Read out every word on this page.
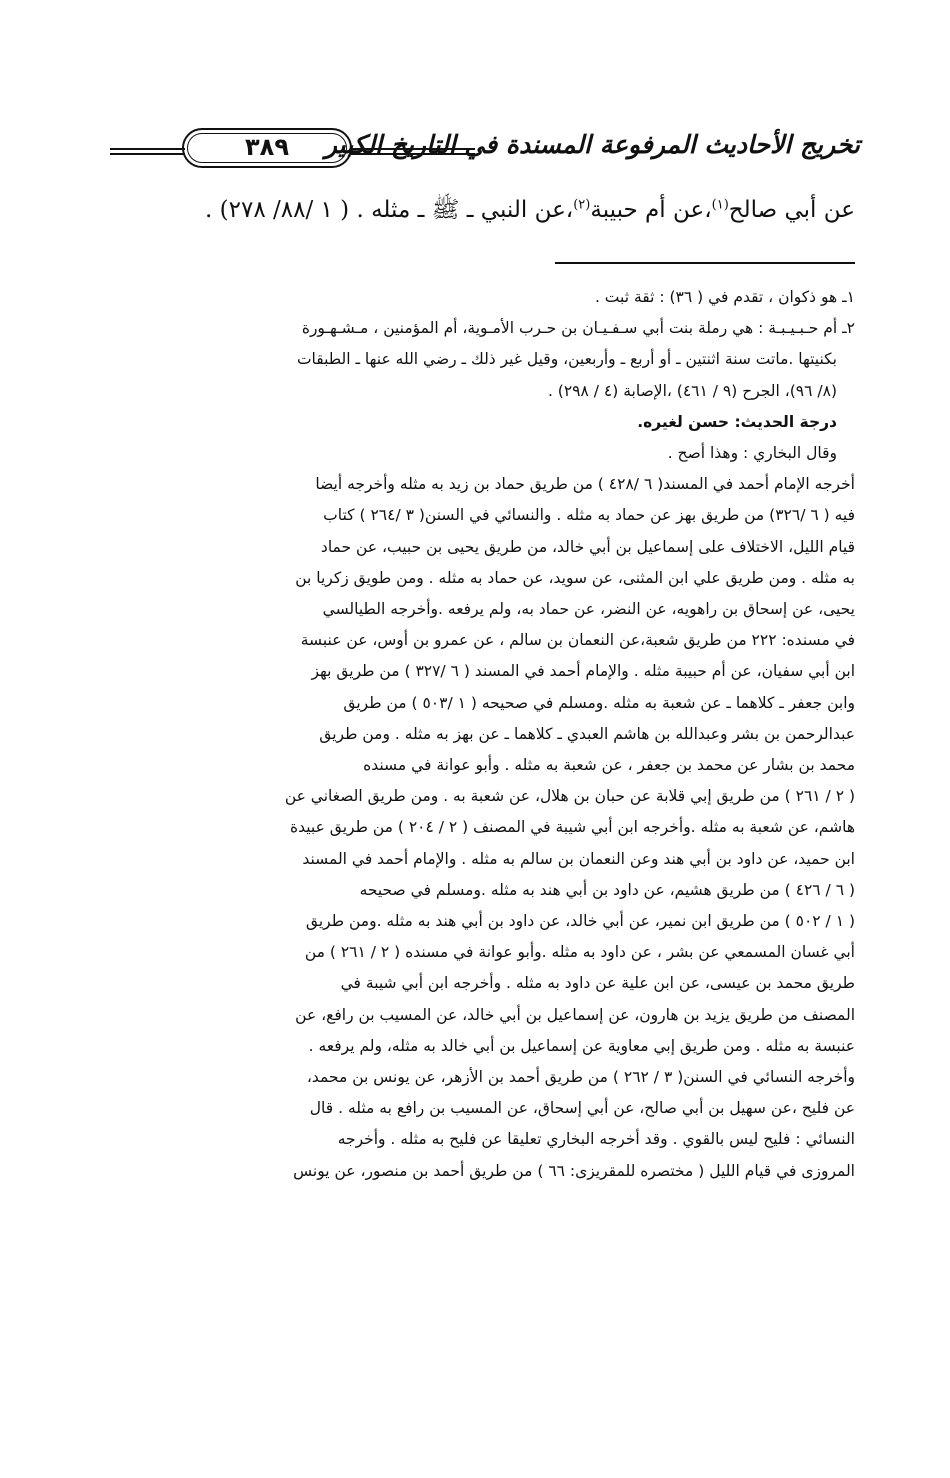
تخريج الأحاديث المرفوعة المسندة في التاريخ الكبير
٣٨٩
عن أبي صالح$^{(١)}$،عن أم حبيبة$^{(٢)}$،عن النبي ـ ﷺ ـ مثله . ( ١ /٨٨/ ٢٧٨) .
١ـ هو ذكوان ، تقدم في ( ٣٦) : ثقة ثبت .
٢ـ أم حـبـيـبـة : هي رملة بنت أبي سـفـيـان بن حـرب الأمـوية، أم المؤمنين ، مـشـهـورة
بكنيتها .ماتت سنة اثنتين ـ أو أربع ـ وأربعين، وقيل غير ذلك ـ رضي الله عنها ـ الطبقات
(٨/ ٩٦)، الجرح (٩ / ٤٦١) ،الإصابة (٤ / ٢٩٨) .
درجة الحديث: حسن لغيره.
وقال البخاري : وهذا أصح .
أخرجه الإمام أحمد في المسند( ٦ /٤٢٨ ) من طريق حماد بن زيد به مثله وأخرجه أيضا
فيه ( ٦ /٣٢٦) من طريق بهز عن حماد به مثله . والنسائي في السنن( ٣ /٢٦٤ ) كتاب
قيام الليل، الاختلاف على إسماعيل بن أبي خالد، من طريق يحيى بن حبيب، عن حماد
به مثله . ومن طريق علي ابن المثنى، عن سويد، عن حماد به مثله . ومن طويق زكريا بن
يحيى، عن إسحاق بن راهويه، عن النضر، عن حماد به، ولم يرفعه .وأخرجه الطيالسي
في مسنده: ٢٢٢ من طريق شعبة،عن النعمان بن سالم ، عن عمرو بن أوس، عن عنبسة
ابن أبي سفيان، عن أم حبيبة مثله . والإمام أحمد في المسند ( ٦ /٣٢٧ ) من طريق بهز
وابن جعفر ـ كلاهما ـ عن شعبة به مثله .ومسلم في صحيحه ( ١ /٥٠٣ ) من طريق
عبدالرحمن بن بشر وعبدالله بن هاشم العبدي ـ كلاهما ـ عن بهز به مثله . ومن طريق
محمد بن بشار عن محمد بن جعفر ، عن شعبة به مثله . وأبو عوانة في مسنده
( ٢ / ٢٦١ ) من طريق إبي قلابة عن حبان بن هلال، عن شعبة به . ومن طريق الصغاني عن
هاشم، عن شعبة به مثله .وأخرجه ابن أبي شيبة في المصنف ( ٢ / ٢٠٤ ) من طريق عبيدة
ابن حميد، عن داود بن أبي هند وعن النعمان بن سالم به مثله . والإمام أحمد في المسند
( ٦ / ٤٢٦ ) من طريق هشيم، عن داود بن أبي هند به مثله .ومسلم في صحيحه
( ١ / ٥٠٢ ) من طريق ابن نمير، عن أبي خالد، عن داود بن أبي هند به مثله .ومن طريق
أبي غسان المسمعي عن بشر ، عن داود به مثله .وأبو عوانة في مسنده ( ٢ / ٢٦١ ) من
طريق محمد بن عيسى، عن ابن علية عن داود به مثله . وأخرجه ابن أبي شيبة في
المصنف من طريق يزيد بن هارون، عن إسماعيل بن أبي خالد، عن المسيب بن رافع، عن
عنبسة به مثله . ومن طريق إبي معاوية عن إسماعيل بن أبي خالد به مثله، ولم يرفعه .
وأخرجه النسائي في السنن( ٣ / ٢٦٢ ) من طريق أحمد بن الأزهر، عن يونس بن محمد،
عن فليح ،عن سهيل بن أبي صالح، عن أبي إسحاق، عن المسيب بن رافع به مثله . قال
النسائي : فليح ليس بالقوي . وقد أخرجه البخاري تعليقا عن فليح به مثله . وأخرجه
المروزى في قيام الليل ( مختصره للمقريزى: ٦٦ ) من طريق أحمد بن منصور، عن يونس
